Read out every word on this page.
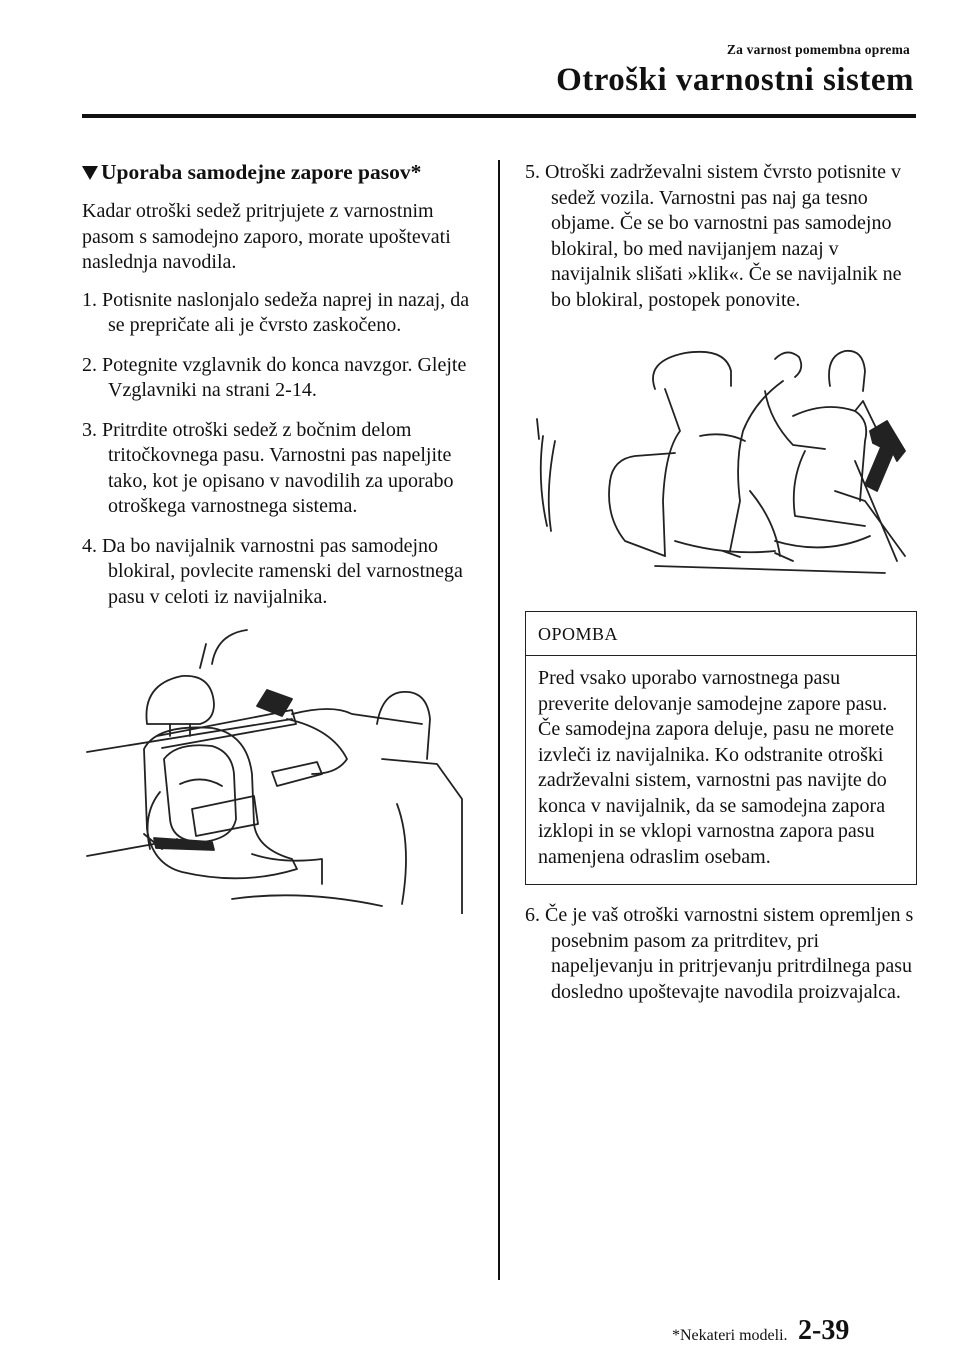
Za varnost pomembna oprema
Otroški varnostni sistem
Uporaba samodejne zapore pasov*

Kadar otroški sedež pritrjujete z varnostnim pasom s samodejno zaporo, morate upoštevati naslednja navodila.

1. Potisnite naslonjalo sedeža naprej in nazaj, da se prepričate ali je čvrsto zaskočeno.
2. Potegnite vzglavnik do konca navzgor. Glejte Vzglavniki na strani 2-14.
3. Pritrdite otroški sedež z bočnim delom tritočkovnega pasu. Varnostni pas napeljite tako, kot je opisano v navodilih za uporabo otroškega varnostnega sistema.
4. Da bo navijalnik varnostni pas samodejno blokiral, povlecite ramenski del varnostnega pasu v celoti iz navijalnika.
5. Otroški zadrževalni sistem čvrsto potisnite v sedež vozila. Varnostni pas naj ga tesno objame. Če se bo varnostni pas samodejno blokiral, bo med navijanjem nazaj v navijalnik slišati »klik«. Če se navijalnik ne bo blokiral, postopek ponovite.
OPOMBA
Pred vsako uporabo varnostnega pasu preverite delovanje samodejne zapore pasu. Če samodejna zapora deluje, pasu ne morete izvleči iz navijalnika. Ko odstranite otroški zadrževalni sistem, varnostni pas navijte do konca v navijalnik, da se samodejna zapora izklopi in se vklopi varnostna zapora pasu namenjena odraslim osebam.
6. Če je vaš otroški varnostni sistem opremljen s posebnim pasom za pritrditev, pri napeljevanju in pritrjevanju pritrdilnega pasu dosledno upoštevajte navodila proizvajalca.
*Nekateri modeli. 2-39
